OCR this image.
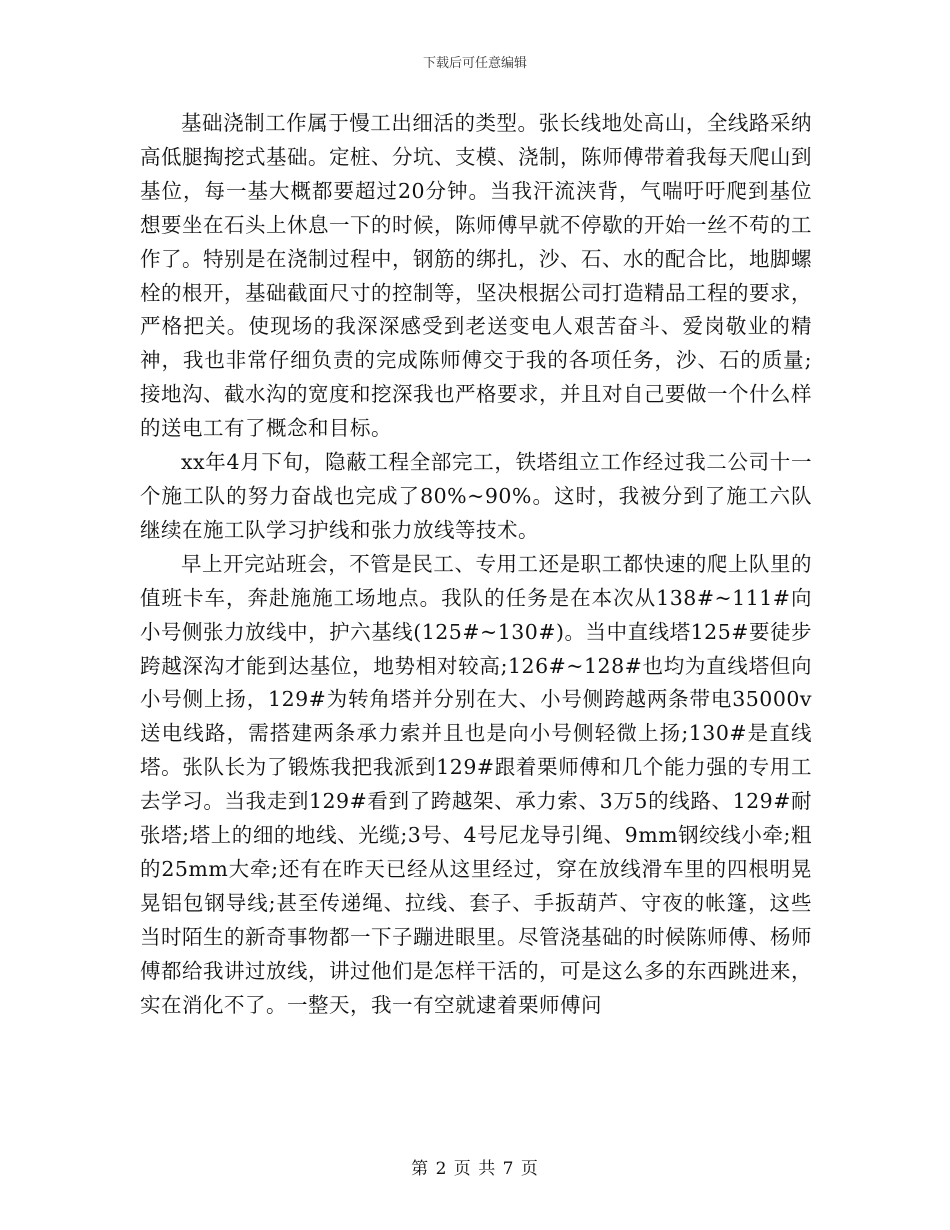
下载后可任意编辑

基础浇制工作属于慢工出细活的类型。张长线地处高山，全线路采纳高低腿掏挖式基础。定桩、分坑、支模、浇制，陈师傅带着我每天爬山到基位，每一基大概都要超过20分钟。当我汗流浃背，气喘吁吁爬到基位想要坐在石头上休息一下的时候，陈师傅早就不停歇的开始一丝不苟的工作了。特别是在浇制过程中，钢筋的绑扎，沙、石、水的配合比，地脚螺栓的根开，基础截面尺寸的控制等，坚决根据公司打造精品工程的要求，严格把关。使现场的我深深感受到老送变电人艰苦奋斗、爱岗敬业的精神，我也非常仔细负责的完成陈师傅交于我的各项任务，沙、石的质量;接地沟、截水沟的宽度和挖深我也严格要求，并且对自己要做一个什么样的送电工有了概念和目标。

xx年4月下旬，隐蔽工程全部完工，铁塔组立工作经过我二公司十一个施工队的努力奋战也完成了80%~90%。这时，我被分到了施工六队继续在施工队学习护线和张力放线等技术。

早上开完站班会，不管是民工、专用工还是职工都快速的爬上队里的值班卡车，奔赴施施工场地点。我队的任务是在本次从138#~111#向小号侧张力放线中，护六基线(125#~130#)。当中直线塔125#要徒步跨越深沟才能到达基位，地势相对较高;126#~128#也均为直线塔但向小号侧上扬，129#为转角塔并分别在大、小号侧跨越两条带电35000v送电线路，需搭建两条承力索并且也是向小号侧轻微上扬;130#是直线塔。张队长为了锻炼我把我派到129#跟着栗师傅和几个能力强的专用工去学习。当我走到129#看到了跨越架、承力索、3万5的线路、129#耐张塔;塔上的细的地线、光缆;3号、4号尼龙导引绳、9mm钢绞线小牵;粗的25mm大牵;还有在昨天已经从这里经过，穿在放线滑车里的四根明晃晃铝包钢导线;甚至传递绳、拉线、套子、手扳葫芦、守夜的帐篷，这些当时陌生的新奇事物都一下子蹦进眼里。尽管浇基础的时候陈师傅、杨师傅都给我讲过放线，讲过他们是怎样干活的，可是这么多的东西跳进来，实在消化不了。一整天，我一有空就逮着栗师傅问

第 2 页 共 7 页
